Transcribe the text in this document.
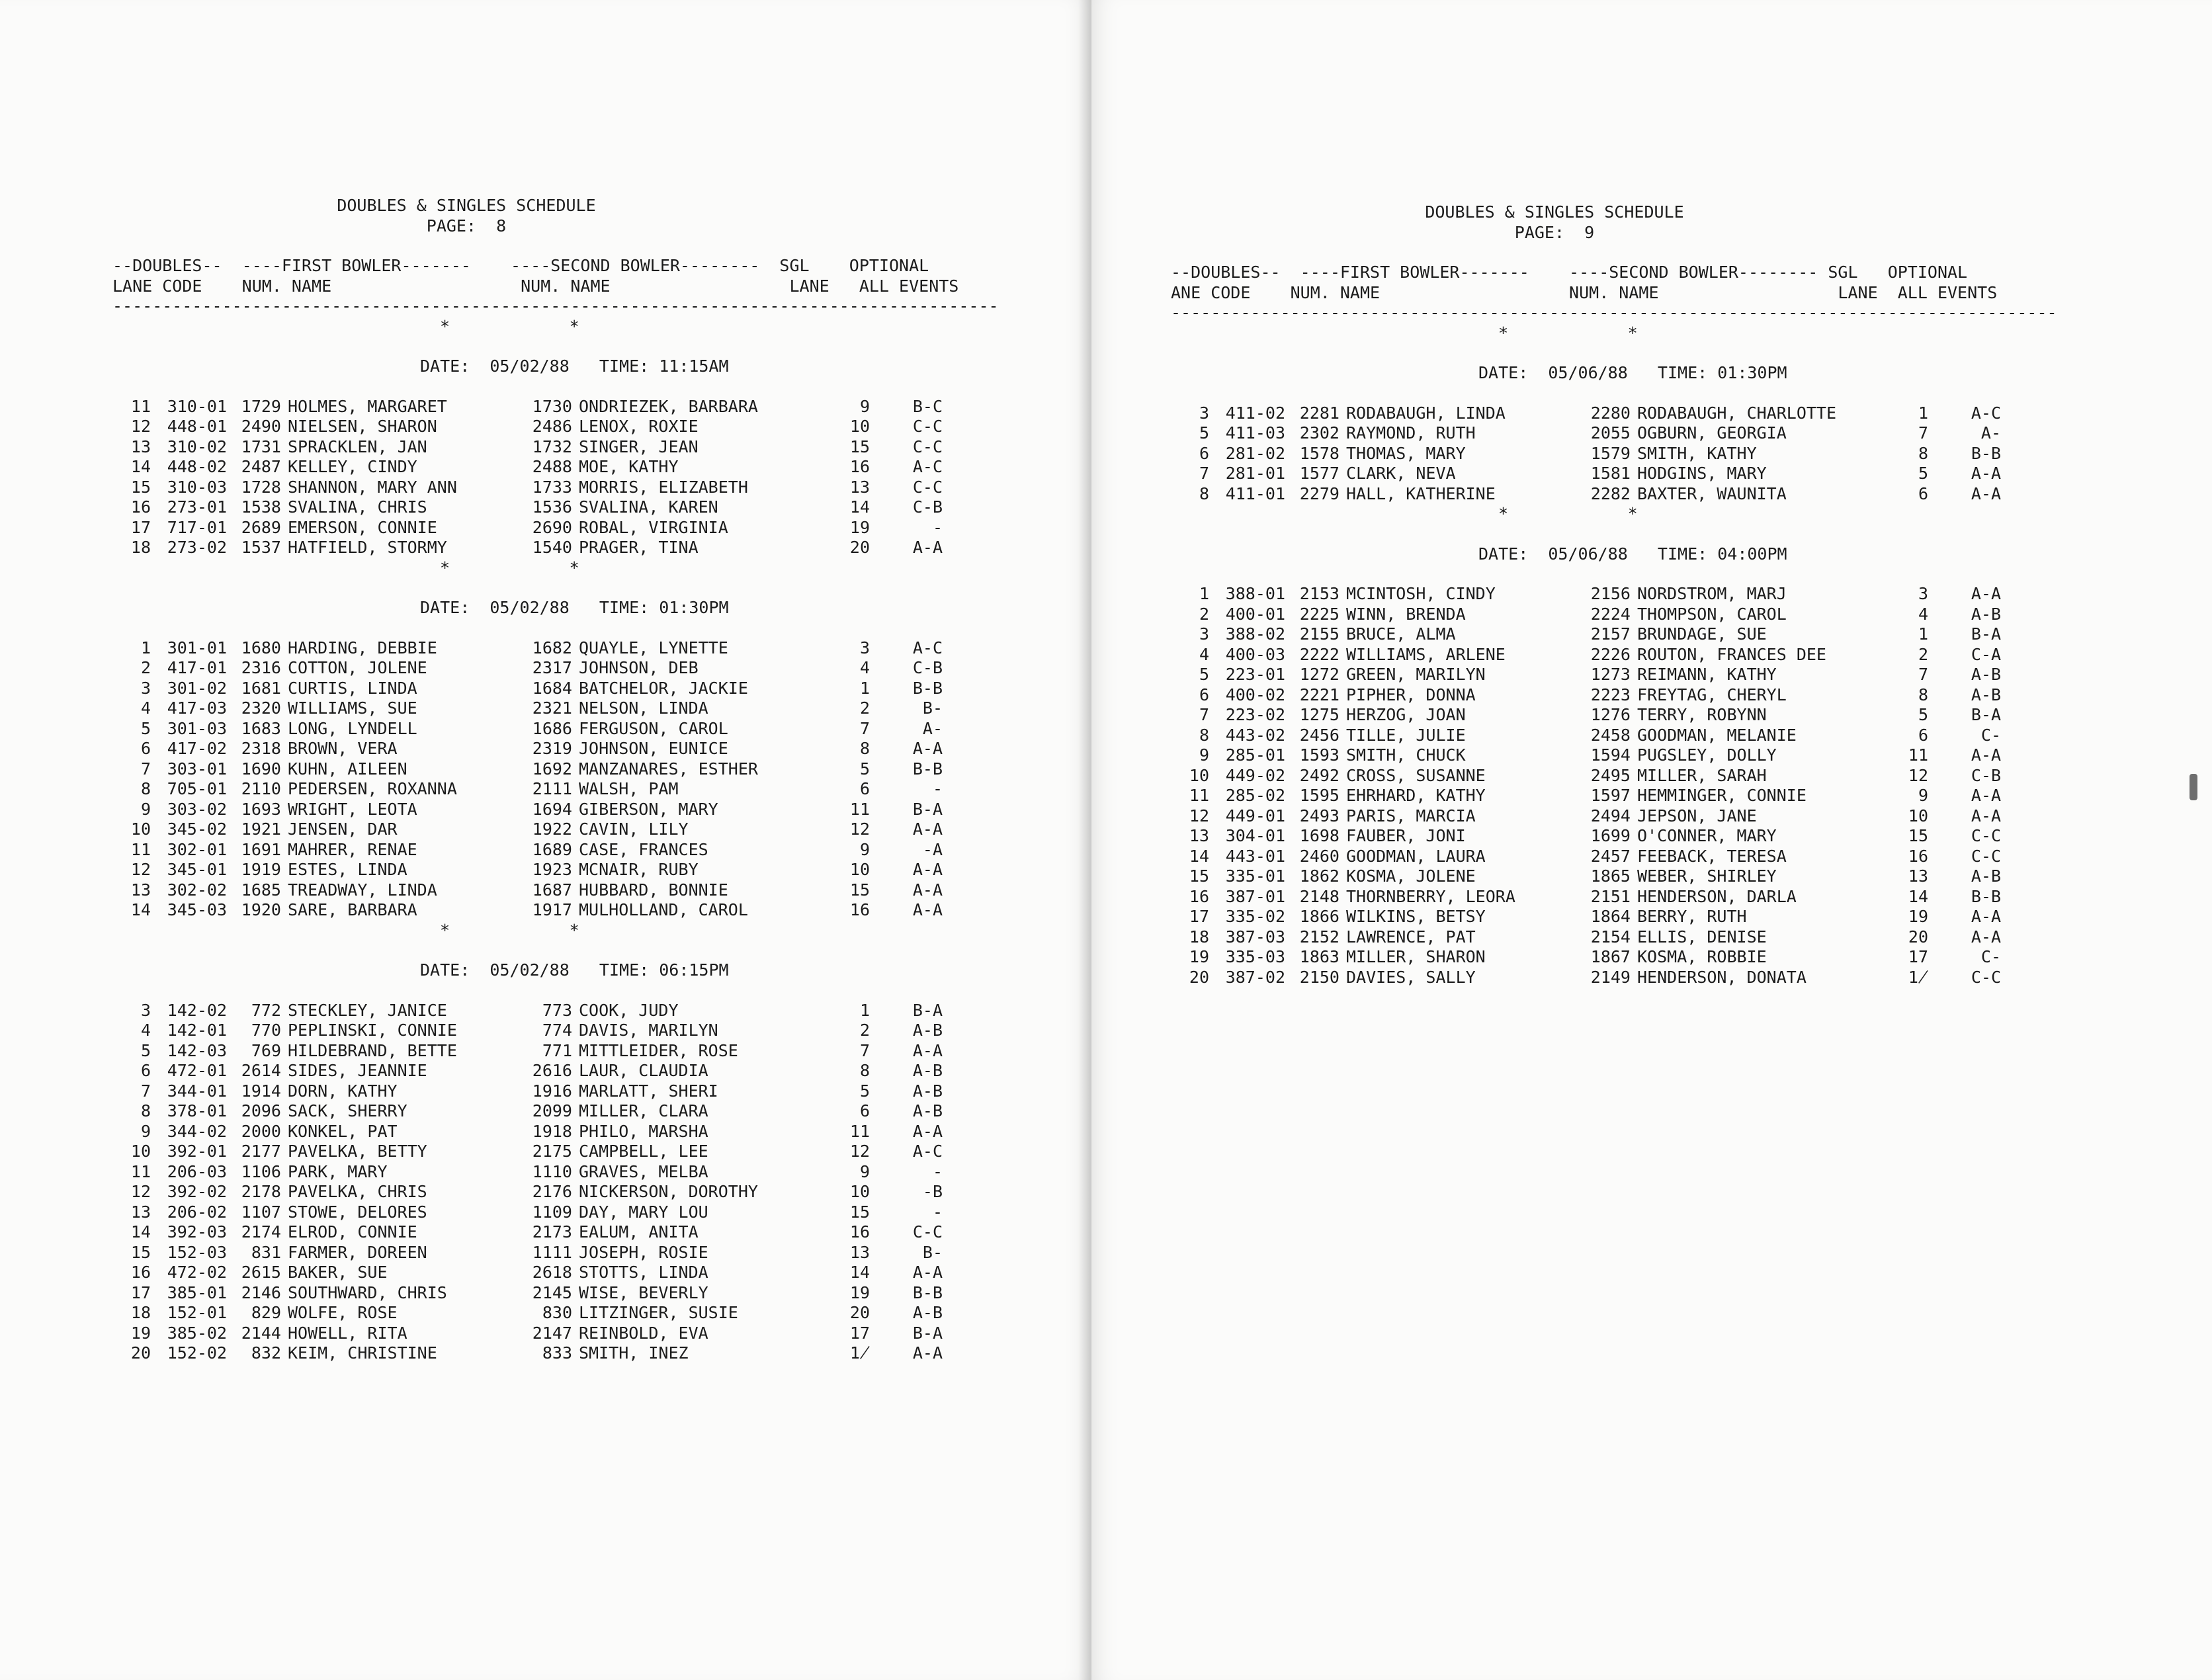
DOUBLES & SINGLES SCHEDULE
PAGE:  8
--DOUBLES--  ----FIRST BOWLER-------    ----SECOND BOWLER--------  SGL    OPTIONAL
LANE CODE    NUM. NAME                   NUM. NAME                  LANE   ALL EVENTS
-----------------------------------------------------------------------------------------
*            *
DATE:  05/02/88   TIME: 11:15AM
11 310-01 1729 HOLMES, MARGARET	1730 ONDRIEZEK, BARBARA	9	B-C
12 448-01 2490 NIELSEN, SHARON	2486 LENOX, ROXIE	10	C-C
13 310-02 1731 SPRACKLEN, JAN	1732 SINGER, JEAN	15	C-C
14 448-02 2487 KELLEY, CINDY	2488 MOE, KATHY	16	A-C
15 310-03 1728 SHANNON, MARY ANN	1733 MORRIS, ELIZABETH	13	C-C
16 273-01 1538 SVALINA, CHRIS	1536 SVALINA, KAREN	14	C-B
17 717-01 2689 EMERSON, CONNIE	2690 ROBAL, VIRGINIA	19	-
18 273-02 1537 HATFIELD, STORMY	1540 PRAGER, TINA	20	A-A
*            *
DATE:  05/02/88   TIME: 01:30PM
1 301-01 1680 HARDING, DEBBIE	1682 QUAYLE, LYNETTE	3	A-C
2 417-01 2316 COTTON, JOLENE	2317 JOHNSON, DEB	4	C-B
3 301-02 1681 CURTIS, LINDA	1684 BATCHELOR, JACKIE	1	B-B
4 417-03 2320 WILLIAMS, SUE	2321 NELSON, LINDA	2	B-
5 301-03 1683 LONG, LYNDELL	1686 FERGUSON, CAROL	7	A-
6 417-02 2318 BROWN, VERA	2319 JOHNSON, EUNICE	8	A-A
7 303-01 1690 KUHN, AILEEN	1692 MANZANARES, ESTHER	5	B-B
8 705-01 2110 PEDERSEN, ROXANNA	2111 WALSH, PAM	6	-
9 303-02 1693 WRIGHT, LEOTA	1694 GIBERSON, MARY	11	B-A
10 345-02 1921 JENSEN, DAR	1922 CAVIN, LILY	12	A-A
11 302-01 1691 MAHRER, RENAE	1689 CASE, FRANCES	9	-A
12 345-01 1919 ESTES, LINDA	1923 MCNAIR, RUBY	10	A-A
13 302-02 1685 TREADWAY, LINDA	1687 HUBBARD, BONNIE	15	A-A
14 345-03 1920 SARE, BARBARA	1917 MULHOLLAND, CAROL	16	A-A
*            *
DATE:  05/02/88   TIME: 06:15PM
3 142-02	772 STECKLEY, JANICE	773 COOK, JUDY	1	B-A
4 142-01	770 PEPLINSKI, CONNIE	774 DAVIS, MARILYN	2	A-B
5 142-03	769 HILDEBRAND, BETTE	771 MITTLEIDER, ROSE	7	A-A
6 472-01 2614 SIDES, JEANNIE	2616 LAUR, CLAUDIA	8	A-B
7 344-01 1914 DORN, KATHY	1916 MARLATT, SHERI	5	A-B
8 378-01 2096 SACK, SHERRY	2099 MILLER, CLARA	6	A-B
9 344-02 2000 KONKEL, PAT	1918 PHILO, MARSHA	11	A-A
10 392-01 2177 PAVELKA, BETTY	2175 CAMPBELL, LEE	12	A-C
11 206-03 1106 PARK, MARY	1110 GRAVES, MELBA	9	-
12 392-02 2178 PAVELKA, CHRIS	2176 NICKERSON, DOROTHY	10	-B
13 206-02 1107 STOWE, DELORES	1109 DAY, MARY LOU	15	-
14 392-03 2174 ELROD, CONNIE	2173 EALUM, ANITA	16	C-C
15 152-03	831 FARMER, DOREEN	1111 JOSEPH, ROSIE	13	B-
16 472-02 2615 BAKER, SUE	2618 STOTTS, LINDA	14	A-A
17 385-01 2146 SOUTHWARD, CHRIS	2145 WISE, BEVERLY	19	B-B
18 152-01	829 WOLFE, ROSE	830 LITZINGER, SUSIE	20	A-B
19 385-02 2144 HOWELL, RITA	2147 REINBOLD, EVA	17	B-A
20 152-02	832 KEIM, CHRISTINE	833 SMITH, INEZ	1̸	A-A
DOUBLES & SINGLES SCHEDULE
PAGE:  9
--DOUBLES--  ----FIRST BOWLER-------    ----SECOND BOWLER-------- SGL   OPTIONAL
ANE CODE    NUM. NAME                   NUM. NAME                  LANE  ALL EVENTS
-----------------------------------------------------------------------------------------
*            *
DATE:  05/06/88   TIME: 01:30PM
3 411-02 2281 RODABAUGH, LINDA	2280 RODABAUGH, CHARLOTTE	1	A-C
5 411-03 2302 RAYMOND, RUTH	2055 OGBURN, GEORGIA	7	A-
6 281-02 1578 THOMAS, MARY	1579 SMITH, KATHY	8	B-B
7 281-01 1577 CLARK, NEVA	1581 HODGINS, MARY	5	A-A
8 411-01 2279 HALL, KATHERINE	2282 BAXTER, WAUNITA	6	A-A
*            *
DATE:  05/06/88   TIME: 04:00PM
1 388-01 2153 MCINTOSH, CINDY	2156 NORDSTROM, MARJ	3	A-A
2 400-01 2225 WINN, BRENDA	2224 THOMPSON, CAROL	4	A-B
3 388-02 2155 BRUCE, ALMA	2157 BRUNDAGE, SUE	1	B-A
4 400-03 2222 WILLIAMS, ARLENE	2226 ROUTON, FRANCES DEE	2	C-A
5 223-01 1272 GREEN, MARILYN	1273 REIMANN, KATHY	7	A-B
6 400-02 2221 PIPHER, DONNA	2223 FREYTAG, CHERYL	8	A-B
7 223-02 1275 HERZOG, JOAN	1276 TERRY, ROBYNN	5	B-A
8 443-02 2456 TILLE, JULIE	2458 GOODMAN, MELANIE	6	C-
9 285-01 1593 SMITH, CHUCK	1594 PUGSLEY, DOLLY	11	A-A
10 449-02 2492 CROSS, SUSANNE	2495 MILLER, SARAH	12	C-B
11 285-02 1595 EHRHARD, KATHY	1597 HEMMINGER, CONNIE	9	A-A
12 449-01 2493 PARIS, MARCIA	2494 JEPSON, JANE	10	A-A
13 304-01 1698 FAUBER, JONI	1699 O'CONNER, MARY	15	C-C
14 443-01 2460 GOODMAN, LAURA	2457 FEEBACK, TERESA	16	C-C
15 335-01 1862 KOSMA, JOLENE	1865 WEBER, SHIRLEY	13	A-B
16 387-01 2148 THORNBERRY, LEORA	2151 HENDERSON, DARLA	14	B-B
17 335-02 1866 WILKINS, BETSY	1864 BERRY, RUTH	19	A-A
18 387-03 2152 LAWRENCE, PAT	2154 ELLIS, DENISE	20	A-A
19 335-03 1863 MILLER, SHARON	1867 KOSMA, ROBBIE	17	C-
20 387-02 2150 DAVIES, SALLY	2149 HENDERSON, DONATA	1̸	C-C
